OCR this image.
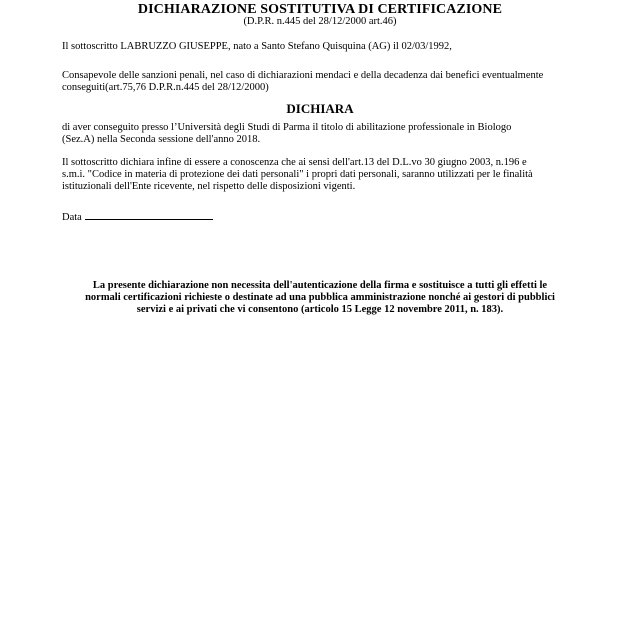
DICHIARAZIONE SOSTITUTIVA DI CERTIFICAZIONE
(D.P.R. n.445 del 28/12/2000 art.46)
Il sottoscritto LABRUZZO GIUSEPPE, nato a Santo Stefano Quisquina (AG) il 02/03/1992,
Consapevole delle sanzioni penali, nel caso di dichiarazioni mendaci e della decadenza dai benefici eventualmente
conseguiti(art.75,76 D.P.R.n.445 del 28/12/2000)
DICHIARA
di aver conseguito presso l’Università degli Studi di Parma il titolo di abilitazione professionale in Biologo
(Sez.A) nella Seconda sessione dell'anno 2018.
Il sottoscritto dichiara infine di essere a conoscenza che ai sensi dell'art.13 del D.L.vo 30 giugno 2003, n.196 e
s.m.i. "Codice in materia di protezione dei dati personali" i propri dati personali, saranno utilizzati per le finalità
istituzionali dell'Ente ricevente, nel rispetto delle disposizioni vigenti.
Data
La presente dichiarazione non necessita dell'autenticazione della firma e sostituisce a tutti gli effetti le
normali certificazioni richieste o destinate ad una pubblica amministrazione nonché ai gestori di pubblici
servizi e ai privati che vi consentono (articolo 15 Legge 12 novembre 2011, n. 183).
